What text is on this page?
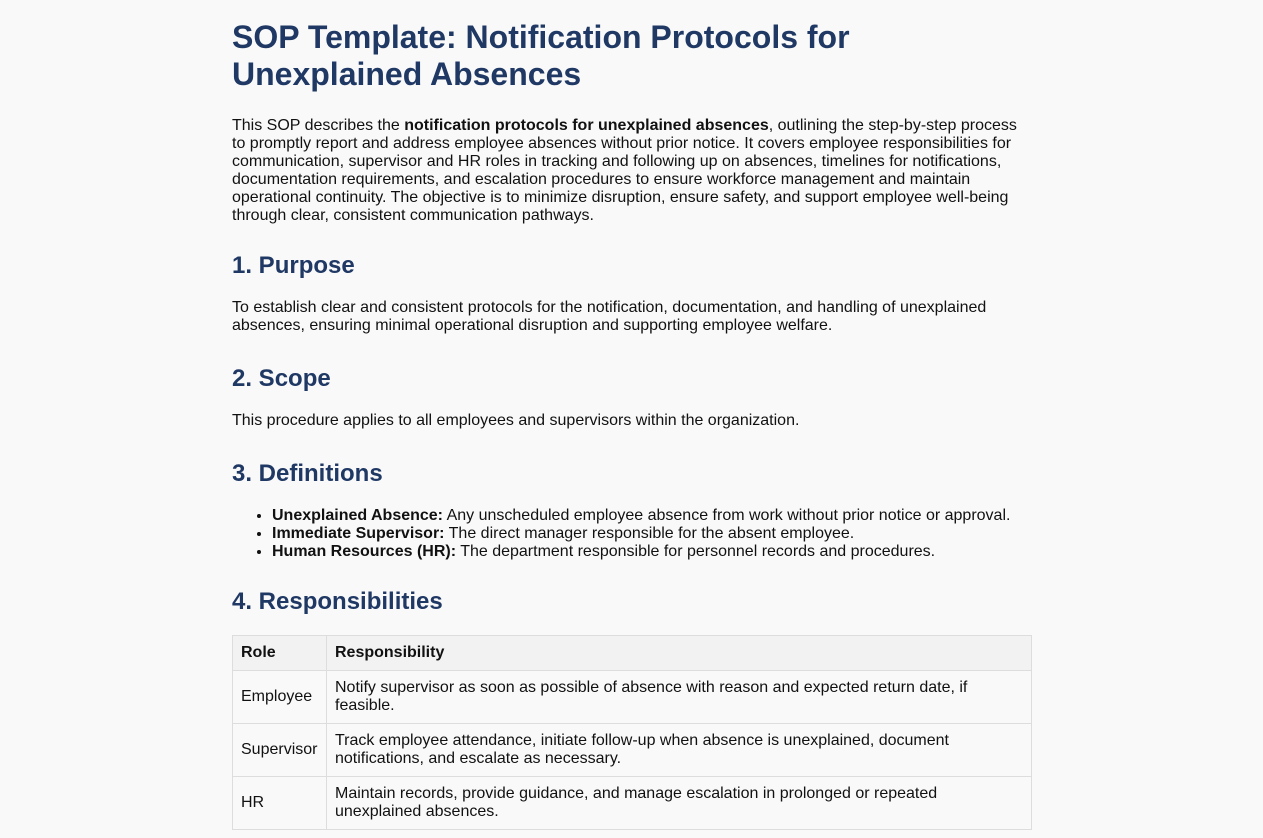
SOP Template: Notification Protocols for
Unexplained Absences

This SOP describes the notification protocols for unexplained absences, outlining the step-by-step process to promptly report and address employee absences without prior notice. It covers employee responsibilities for communication, supervisor and HR roles in tracking and following up on absences, timelines for notifications, documentation requirements, and escalation procedures to ensure workforce management and maintain operational continuity. The objective is to minimize disruption, ensure safety, and support employee well-being through clear, consistent communication pathways.

1. Purpose

To establish clear and consistent protocols for the notification, documentation, and handling of unexplained absences, ensuring minimal operational disruption and supporting employee welfare.

2. Scope

This procedure applies to all employees and supervisors within the organization.

3. Definitions
• Unexplained Absence: Any unscheduled employee absence from work without prior notice or approval.
• Immediate Supervisor: The direct manager responsible for the absent employee.
• Human Resources (HR): The department responsible for personnel records and procedures.
4. Responsibilities
Role	Responsibility
Employee	Notify supervisor as soon as possible of absence with reason and expected return date, if feasible.
Supervisor	Track employee attendance, initiate follow-up when absence is unexplained, document notifications, and escalate as necessary.
HR	Maintain records, provide guidance, and manage escalation in prolonged or repeated unexplained absences.
